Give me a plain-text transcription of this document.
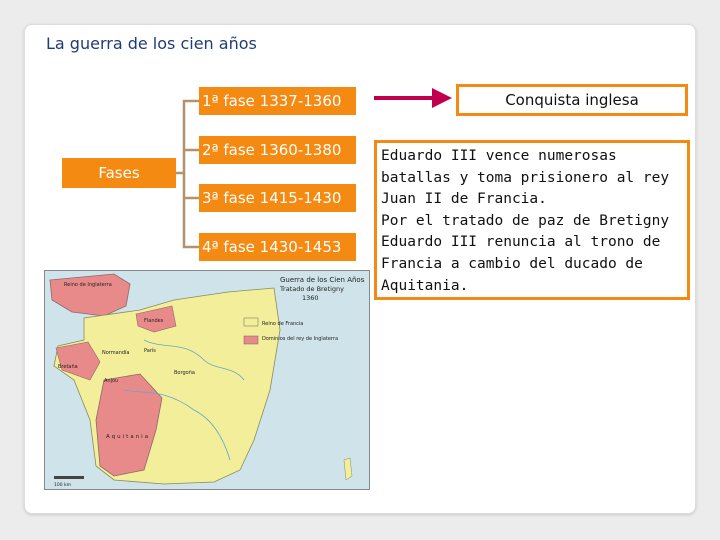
La guerra de los cien años
Fases
1ª fase 1337-1360
2ª fase 1360-1380
3ª fase 1415-1430
4ª fase 1430-1453
Conquista inglesa
Eduardo III vence numerosas
batallas y toma prisionero al rey
Juan II de Francia.
Por el tratado de paz de Bretigny
Eduardo III renuncia al trono de
Francia a cambio del ducado de
Aquitania.
Guerra de los Cien Años
Tratado de Bretigny
1360
Reino de Francia
Dominios del rey de Inglaterra
Reino de Inglaterra
Flandes
Normandía	París
Bretaña
Anjou
Borgoña
Aquitania
100 km
